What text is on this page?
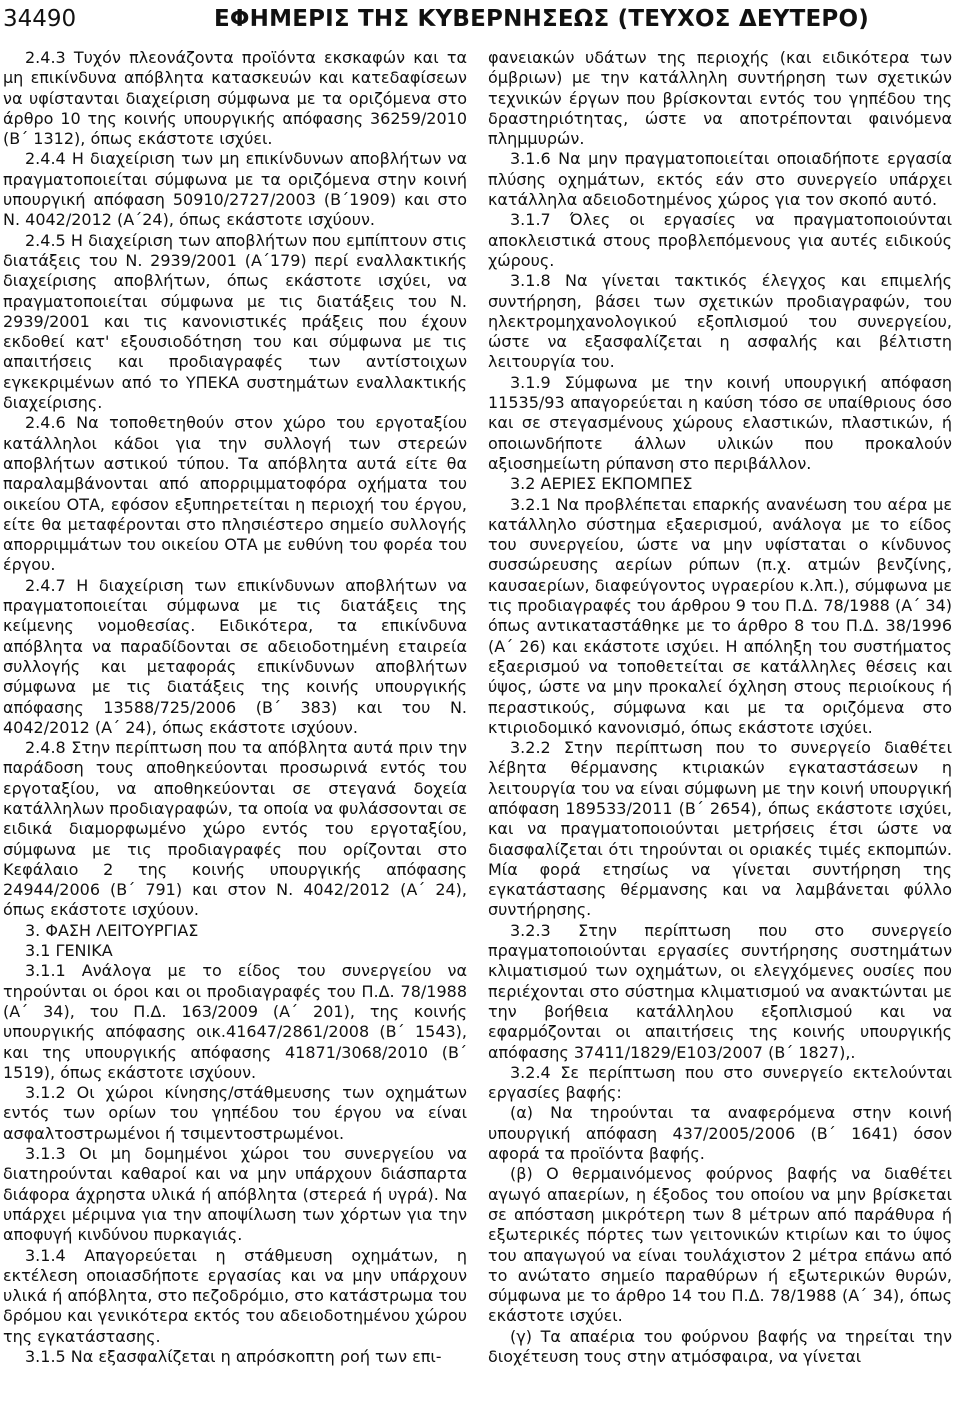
34490	ΕΦΗΜΕΡΙΣ ΤΗΣ ΚΥΒΕΡΝΗΣΕΩΣ (ΤΕΥΧΟΣ ΔΕΥΤΕΡΟ)

2.4.3 Τυχόν πλεονάζοντα προϊόντα εκσκαφών και τα μη επικίνδυνα απόβλητα κατασκευών και κατεδαφίσεων να υφίστανται διαχείριση σύμφωνα με τα οριζόμενα στο άρθρο 10 της κοινής υπουργικής απόφασης 36259/2010 (Β΄ 1312), όπως εκάστοτε ισχύει.

2.4.4 Η διαχείριση των μη επικίνδυνων αποβλήτων να πραγματοποιείται σύμφωνα με τα οριζόμενα στην κοινή υπουργική απόφαση 50910/2727/2003 (Β΄1909) και στο Ν. 4042/2012 (Α΄24), όπως εκάστοτε ισχύουν.

2.4.5 Η διαχείριση των αποβλήτων που εμπίπτουν στις διατάξεις του Ν. 2939/2001 (Α΄179) περί εναλλακτικής διαχείρισης αποβλήτων, όπως εκάστοτε ισχύει, να πραγματοποιείται σύμφωνα με τις διατάξεις του Ν. 2939/2001 και τις κανονιστικές πράξεις που έχουν εκδοθεί κατ' εξουσιοδότηση του και σύμφωνα με τις απαιτήσεις και προδιαγραφές των αντίστοιχων εγκεκριμένων από το ΥΠΕΚΑ συστημάτων εναλλακτικής διαχείρισης.

2.4.6 Να τοποθετηθούν στον χώρο του εργοταξίου κατάλληλοι κάδοι για την συλλογή των στερεών αποβλήτων αστικού τύπου. Τα απόβλητα αυτά είτε θα παραλαμβάνονται από απορριμματοφόρα οχήματα του οικείου ΟΤΑ, εφόσον εξυπηρετείται η περιοχή του έργου, είτε θα μεταφέρονται στο πλησιέστερο σημείο συλλογής απορριμμάτων του οικείου ΟΤΑ με ευθύνη του φορέα του έργου.

2.4.7 Η διαχείριση των επικίνδυνων αποβλήτων να πραγματοποιείται σύμφωνα με τις διατάξεις της κείμενης νομοθεσίας. Ειδικότερα, τα επικίνδυνα απόβλητα να παραδίδονται σε αδειοδοτημένη εταιρεία συλλογής και μεταφοράς επικίνδυνων αποβλήτων σύμφωνα με τις διατάξεις της κοινής υπουργικής απόφασης 13588/725/2006 (Β΄ 383) και του Ν. 4042/2012 (Α΄ 24), όπως εκάστοτε ισχύουν.

2.4.8 Στην περίπτωση που τα απόβλητα αυτά πριν την παράδοση τους αποθηκεύονται προσωρινά εντός του εργοταξίου, να αποθηκεύονται σε στεγανά δοχεία κατάλληλων προδιαγραφών, τα οποία να φυλάσσονται σε ειδικά διαμορφωμένο χώρο εντός του εργοταξίου, σύμφωνα με τις προδιαγραφές που ορίζονται στο Κεφάλαιο 2 της κοινής υπουργικής απόφασης 24944/2006 (Β΄ 791) και στον Ν. 4042/2012 (Α΄ 24), όπως εκάστοτε ισχύουν.

3. ΦΑΣΗ ΛΕΙΤΟΥΡΓΙΑΣ

3.1 ΓΕΝΙΚΑ

3.1.1 Ανάλογα με το είδος του συνεργείου να τηρούνται οι όροι και οι προδιαγραφές του Π.Δ. 78/1988 (Α΄ 34), του Π.Δ. 163/2009 (Α΄ 201), της κοινής υπουργικής απόφασης οικ.41647/2861/2008 (Β΄ 1543), και της υπουργικής απόφασης 41871/3068/2010 (Β΄ 1519), όπως εκάστοτε ισχύουν.

3.1.2 Οι χώροι κίνησης/στάθμευσης των οχημάτων εντός των ορίων του γηπέδου του έργου να είναι ασφαλτοστρωμένοι ή τσιμεντοστρωμένοι.

3.1.3 Οι μη δομημένοι χώροι του συνεργείου να διατηρούνται καθαροί και να μην υπάρχουν διάσπαρτα διάφορα άχρηστα υλικά ή απόβλητα (στερεά ή υγρά). Να υπάρχει μέριμνα για την αποψίλωση των χόρτων για την αποφυγή κινδύνου πυρκαγιάς.

3.1.4 Απαγορεύεται η στάθμευση οχημάτων, η εκτέλεση οποιασδήποτε εργασίας και να μην υπάρχουν υλικά ή απόβλητα, στο πεζοδρόμιο, στο κατάστρωμα του δρόμου και γενικότερα εκτός του αδειοδοτημένου χώρου της εγκατάστασης.

3.1.5 Να εξασφαλίζεται η απρόσκοπτη ροή των επι-

φανειακών υδάτων της περιοχής (και ειδικότερα των όμβριων) με την κατάλληλη συντήρηση των σχετικών τεχνικών έργων που βρίσκονται εντός του γηπέδου της δραστηριότητας, ώστε να αποτρέπονται φαινόμενα πλημμυρών.

3.1.6 Να μην πραγματοποιείται οποιαδήποτε εργασία πλύσης οχημάτων, εκτός εάν στο συνεργείο υπάρχει κατάλληλα αδειοδοτημένος χώρος για τον σκοπό αυτό.

3.1.7 Όλες οι εργασίες να πραγματοποιούνται αποκλειστικά στους προβλεπόμενους για αυτές ειδικούς χώρους.

3.1.8 Να γίνεται τακτικός έλεγχος και επιμελής συντήρηση, βάσει των σχετικών προδιαγραφών, του ηλεκτρομηχανολογικού εξοπλισμού του συνεργείου, ώστε να εξασφαλίζεται η ασφαλής και βέλτιστη λειτουργία του.

3.1.9 Σύμφωνα με την κοινή υπουργική απόφαση 11535/93 απαγορεύεται η καύση τόσο σε υπαίθριους όσο και σε στεγασμένους χώρους ελαστικών, πλαστικών, ή οποιωνδήποτε άλλων υλικών που προκαλούν αξιοσημείωτη ρύπανση στο περιβάλλον.

3.2 ΑΕΡΙΕΣ ΕΚΠΟΜΠΕΣ

3.2.1 Να προβλέπεται επαρκής ανανέωση του αέρα με κατάλληλο σύστημα εξαερισμού, ανάλογα με το είδος του συνεργείου, ώστε να μην υφίσταται ο κίνδυνος συσσώρευσης αερίων ρύπων (π.χ. ατμών βενζίνης, καυσαερίων, διαφεύγοντος υγραερίου κ.λπ.), σύμφωνα με τις προδιαγραφές του άρθρου 9 του Π.Δ. 78/1988 (Α΄ 34) όπως αντικαταστάθηκε με το άρθρο 8 του Π.Δ. 38/1996 (Α΄ 26) και εκάστοτε ισχύει. Η απόληξη του συστήματος εξαερισμού να τοποθετείται σε κατάλληλες θέσεις και ύψος, ώστε να μην προκαλεί όχληση στους περιοίκους ή περαστικούς, σύμφωνα και με τα οριζόμενα στο κτιριοδομικό κανονισμό, όπως εκάστοτε ισχύει.

3.2.2 Στην περίπτωση που το συνεργείο διαθέτει λέβητα θέρμανσης κτιριακών εγκαταστάσεων η λειτουργία του να είναι σύμφωνη με την κοινή υπουργική απόφαση 189533/2011 (Β΄ 2654), όπως εκάστοτε ισχύει, και να πραγματοποιούνται μετρήσεις έτσι ώστε να διασφαλίζεται ότι τηρούνται οι οριακές τιμές εκπομπών. Μία φορά ετησίως να γίνεται συντήρηση της εγκατάστασης θέρμανσης και να λαμβάνεται φύλλο συντήρησης.

3.2.3 Στην περίπτωση που στο συνεργείο πραγματοποιούνται εργασίες συντήρησης συστημάτων κλιματισμού των οχημάτων, οι ελεγχόμενες ουσίες που περιέχονται στο σύστημα κλιματισμού να ανακτώνται με την βοήθεια κατάλληλου εξοπλισμού και να εφαρμόζονται οι απαιτήσεις της κοινής υπουργικής απόφασης 37411/1829/Ε103/2007 (Β΄ 1827),.

3.2.4 Σε περίπτωση που στο συνεργείο εκτελούνται εργασίες βαφής:

(α) Να τηρούνται τα αναφερόμενα στην κοινή υπουργική απόφαση 437/2005/2006 (Β΄ 1641) όσον αφορά τα προϊόντα βαφής.

(β) Ο θερμαινόμενος φούρνος βαφής να διαθέτει αγωγό απαερίων, η έξοδος του οποίου να μην βρίσκεται σε απόσταση μικρότερη των 8 μέτρων από παράθυρα ή εξωτερικές πόρτες των γειτονικών κτιρίων και το ύψος του απαγωγού να είναι τουλάχιστον 2 μέτρα επάνω από το ανώτατο σημείο παραθύρων ή εξωτερικών θυρών, σύμφωνα με το άρθρο 14 του Π.Δ. 78/1988 (Α΄ 34), όπως εκάστοτε ισχύει.

(γ) Τα απαέρια του φούρνου βαφής να τηρείται την διοχέτευση τους στην ατμόσφαιρα, να γίνεται
